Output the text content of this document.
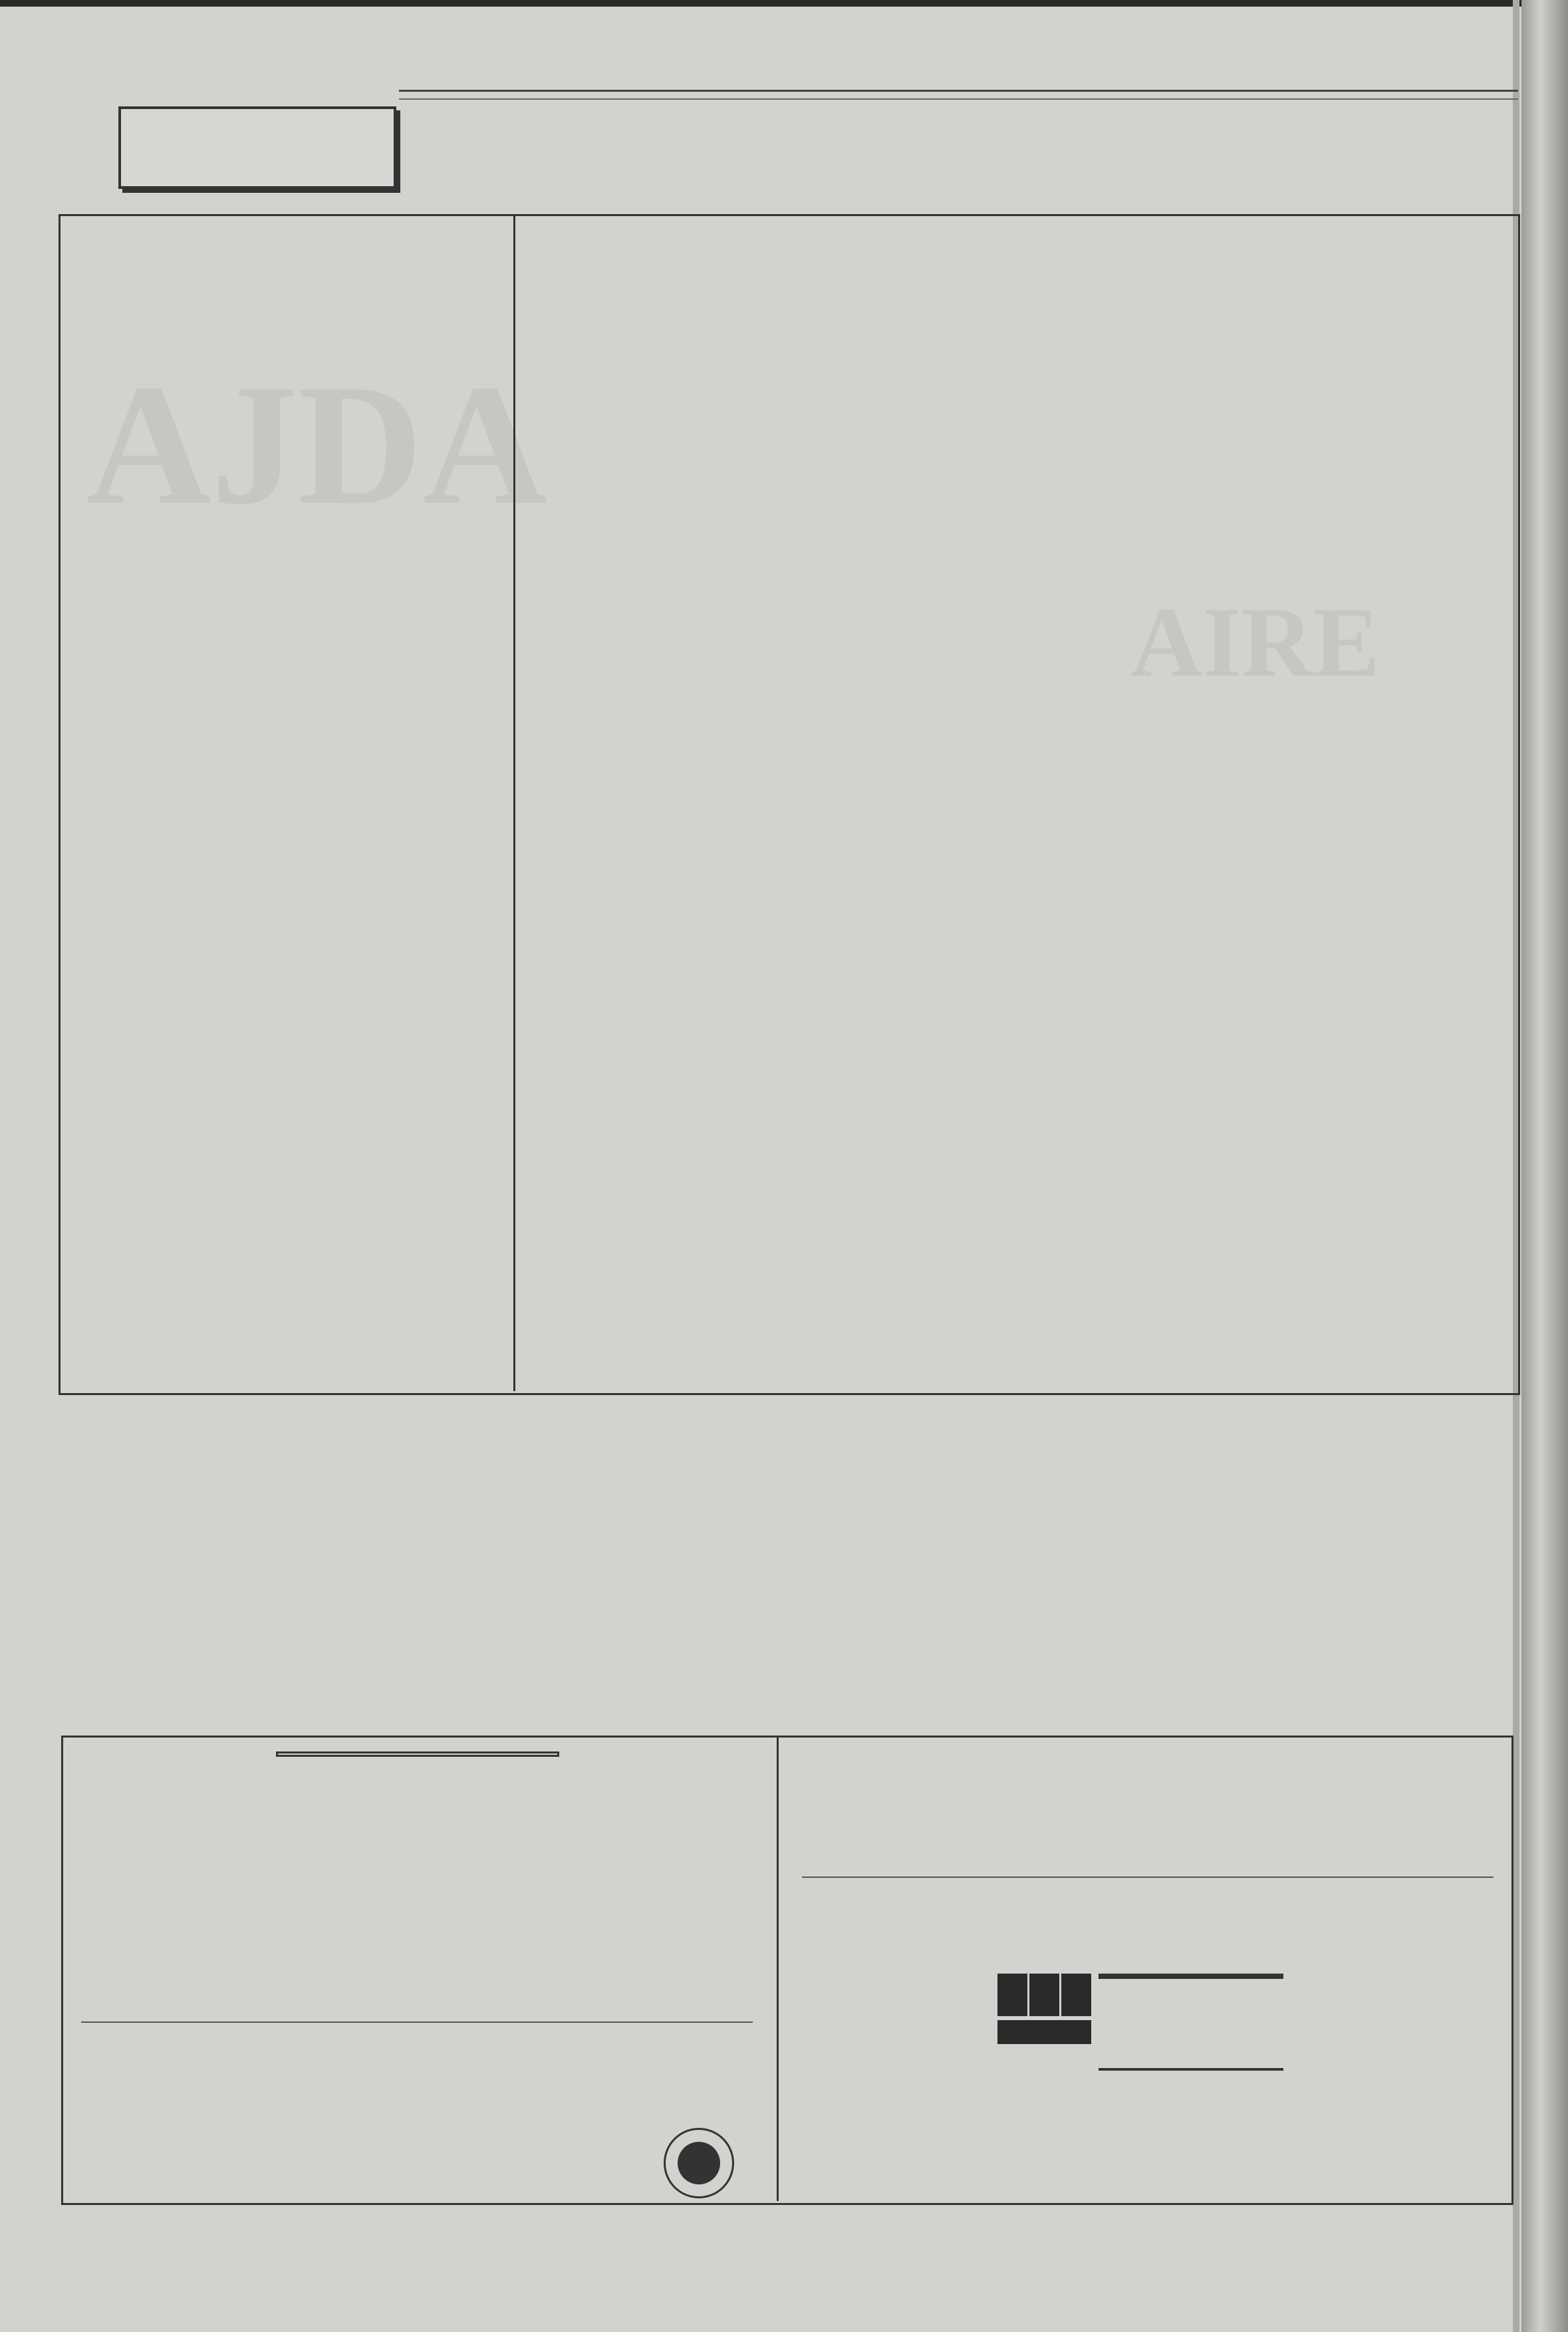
AJDA
AIRE
